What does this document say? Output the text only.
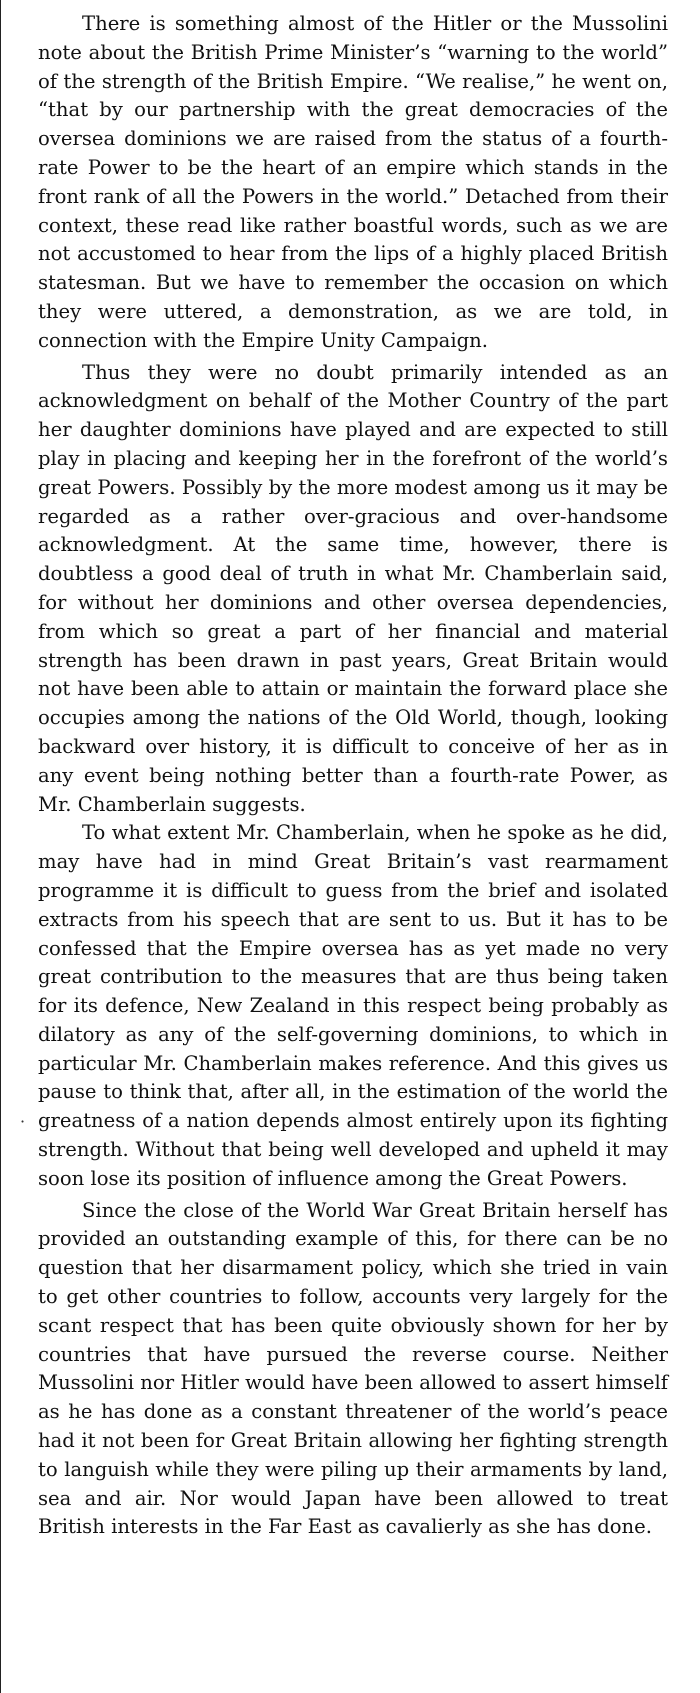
·

There is something almost of the Hitler or the Mussolini note about the British Prime Minister’s “warning to the world” of the strength of the British Empire. “We realise,” he went on, “that by our partnership with the great democracies of the oversea dominions we are raised from the status of a fourth-rate Power to be the heart of an empire which stands in the front rank of all the Powers in the world.” Detached from their context, these read like rather boastful words, such as we are not accustomed to hear from the lips of a highly placed British statesman. But we have to remember the occasion on which they were uttered, a demonstration, as we are told, in connection with the Empire Unity Campaign.

Thus they were no doubt primarily intended as an acknowledgment on behalf of the Mother Country of the part her daughter dominions have played and are expected to still play in placing and keeping her in the forefront of the world’s great Powers. Possibly by the more modest among us it may be regarded as a rather over-gracious and over-handsome acknowledgment. At the same time, however, there is doubtless a good deal of truth in what Mr. Chamberlain said, for without her dominions and other oversea dependencies, from which so great a part of her financial and material strength has been drawn in past years, Great Britain would not have been able to attain or maintain the forward place she occupies among the nations of the Old World, though, looking backward over history, it is difficult to conceive of her as in any event being nothing better than a fourth-rate Power, as Mr. Chamberlain suggests.

To what extent Mr. Chamberlain, when he spoke as he did, may have had in mind Great Britain’s vast rearmament programme it is difficult to guess from the brief and isolated extracts from his speech that are sent to us. But it has to be confessed that the Empire oversea has as yet made no very great contribution to the measures that are thus being taken for its defence, New Zealand in this respect being probably as dilatory as any of the self-governing dominions, to which in particular Mr. Chamberlain makes reference. And this gives us pause to think that, after all, in the estimation of the world the greatness of a nation depends almost entirely upon its fighting strength. Without that being well developed and upheld it may soon lose its position of influence among the Great Powers.

Since the close of the World War Great Britain herself has provided an outstanding example of this, for there can be no question that her disarmament policy, which she tried in vain to get other countries to follow, accounts very largely for the scant respect that has been quite obviously shown for her by countries that have pursued the reverse course. Neither Mussolini nor Hitler would have been allowed to assert himself as he has done as a constant threatener of the world’s peace had it not been for Great Britain allowing her fighting strength to languish while they were piling up their armaments by land, sea and air. Nor would Japan have been allowed to treat British interests in the Far East as cavalierly as she has done.
